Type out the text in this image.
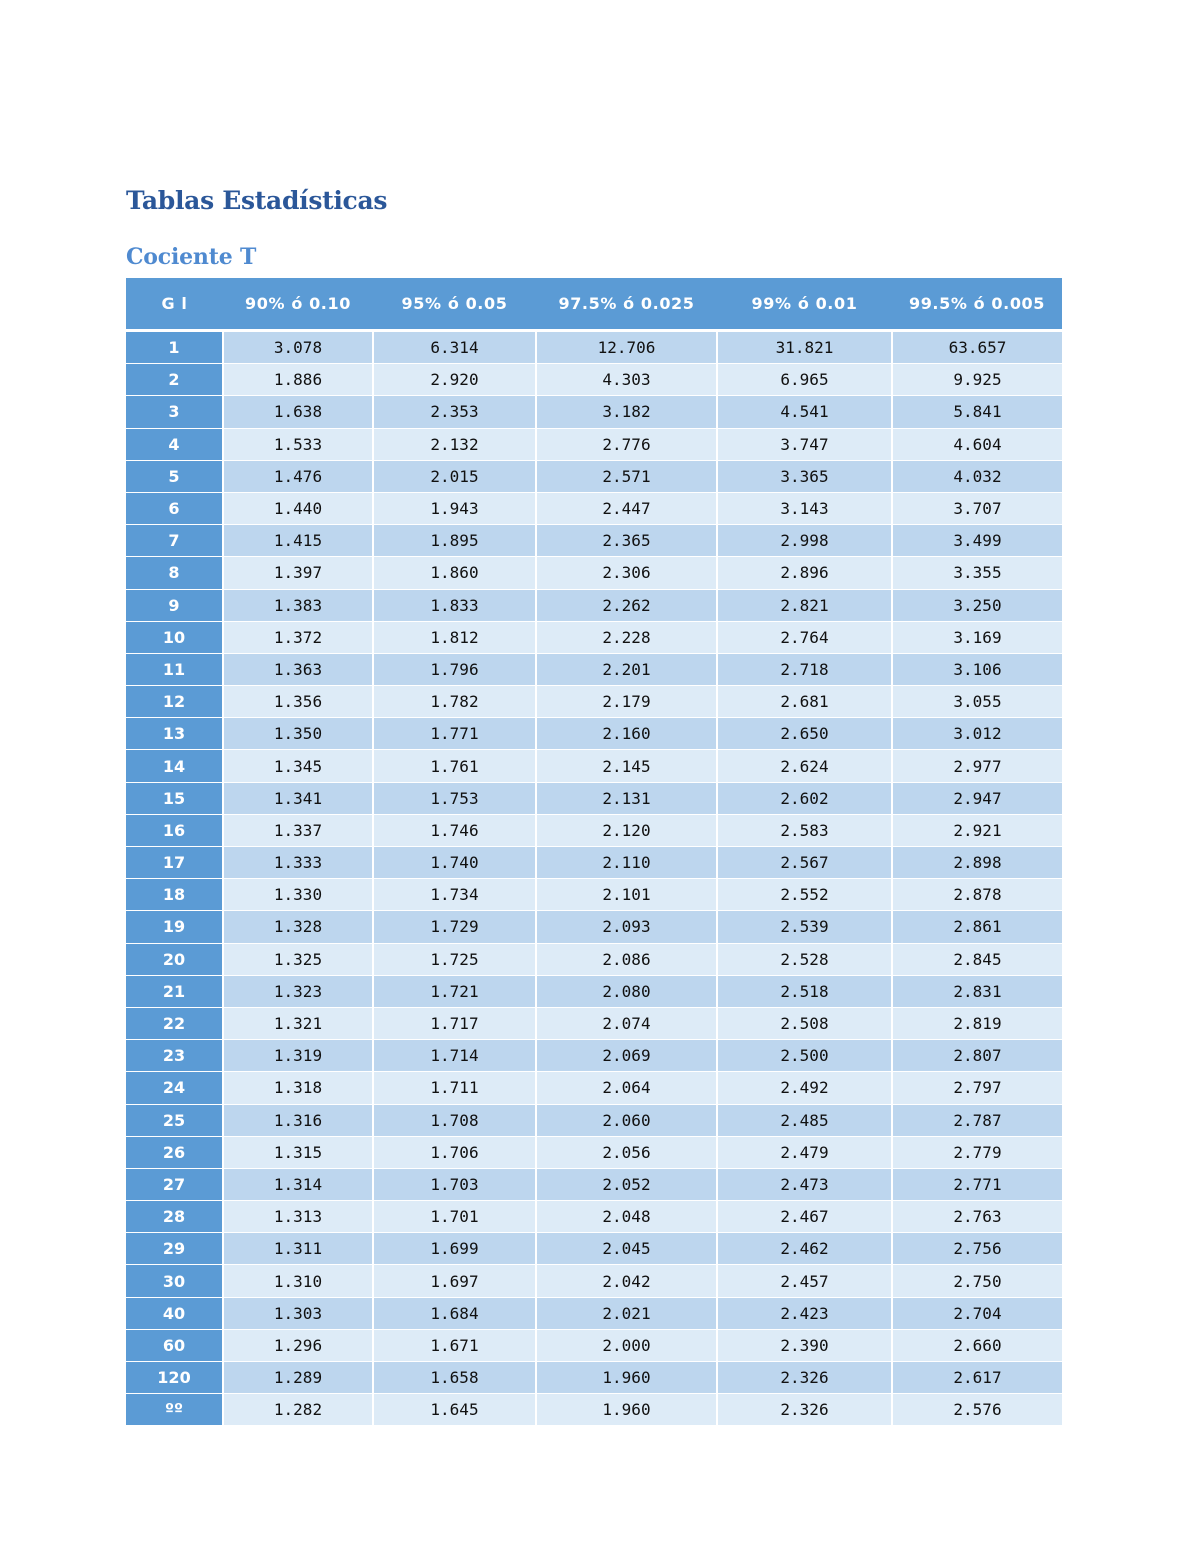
Tablas Estadísticas
Cociente T
G l	90% ó 0.10	95% ó 0.05	97.5% ó 0.025	99% ó 0.01	99.5% ó 0.005
1	3.078	6.314	12.706	31.821	63.657
2	1.886	2.920	4.303	6.965	9.925
3	1.638	2.353	3.182	4.541	5.841
4	1.533	2.132	2.776	3.747	4.604
5	1.476	2.015	2.571	3.365	4.032
6	1.440	1.943	2.447	3.143	3.707
7	1.415	1.895	2.365	2.998	3.499
8	1.397	1.860	2.306	2.896	3.355
9	1.383	1.833	2.262	2.821	3.250
10	1.372	1.812	2.228	2.764	3.169
11	1.363	1.796	2.201	2.718	3.106
12	1.356	1.782	2.179	2.681	3.055
13	1.350	1.771	2.160	2.650	3.012
14	1.345	1.761	2.145	2.624	2.977
15	1.341	1.753	2.131	2.602	2.947
16	1.337	1.746	2.120	2.583	2.921
17	1.333	1.740	2.110	2.567	2.898
18	1.330	1.734	2.101	2.552	2.878
19	1.328	1.729	2.093	2.539	2.861
20	1.325	1.725	2.086	2.528	2.845
21	1.323	1.721	2.080	2.518	2.831
22	1.321	1.717	2.074	2.508	2.819
23	1.319	1.714	2.069	2.500	2.807
24	1.318	1.711	2.064	2.492	2.797
25	1.316	1.708	2.060	2.485	2.787
26	1.315	1.706	2.056	2.479	2.779
27	1.314	1.703	2.052	2.473	2.771
28	1.313	1.701	2.048	2.467	2.763
29	1.311	1.699	2.045	2.462	2.756
30	1.310	1.697	2.042	2.457	2.750
40	1.303	1.684	2.021	2.423	2.704
60	1.296	1.671	2.000	2.390	2.660
120	1.289	1.658	1.960	2.326	2.617
ºº	1.282	1.645	1.960	2.326	2.576
